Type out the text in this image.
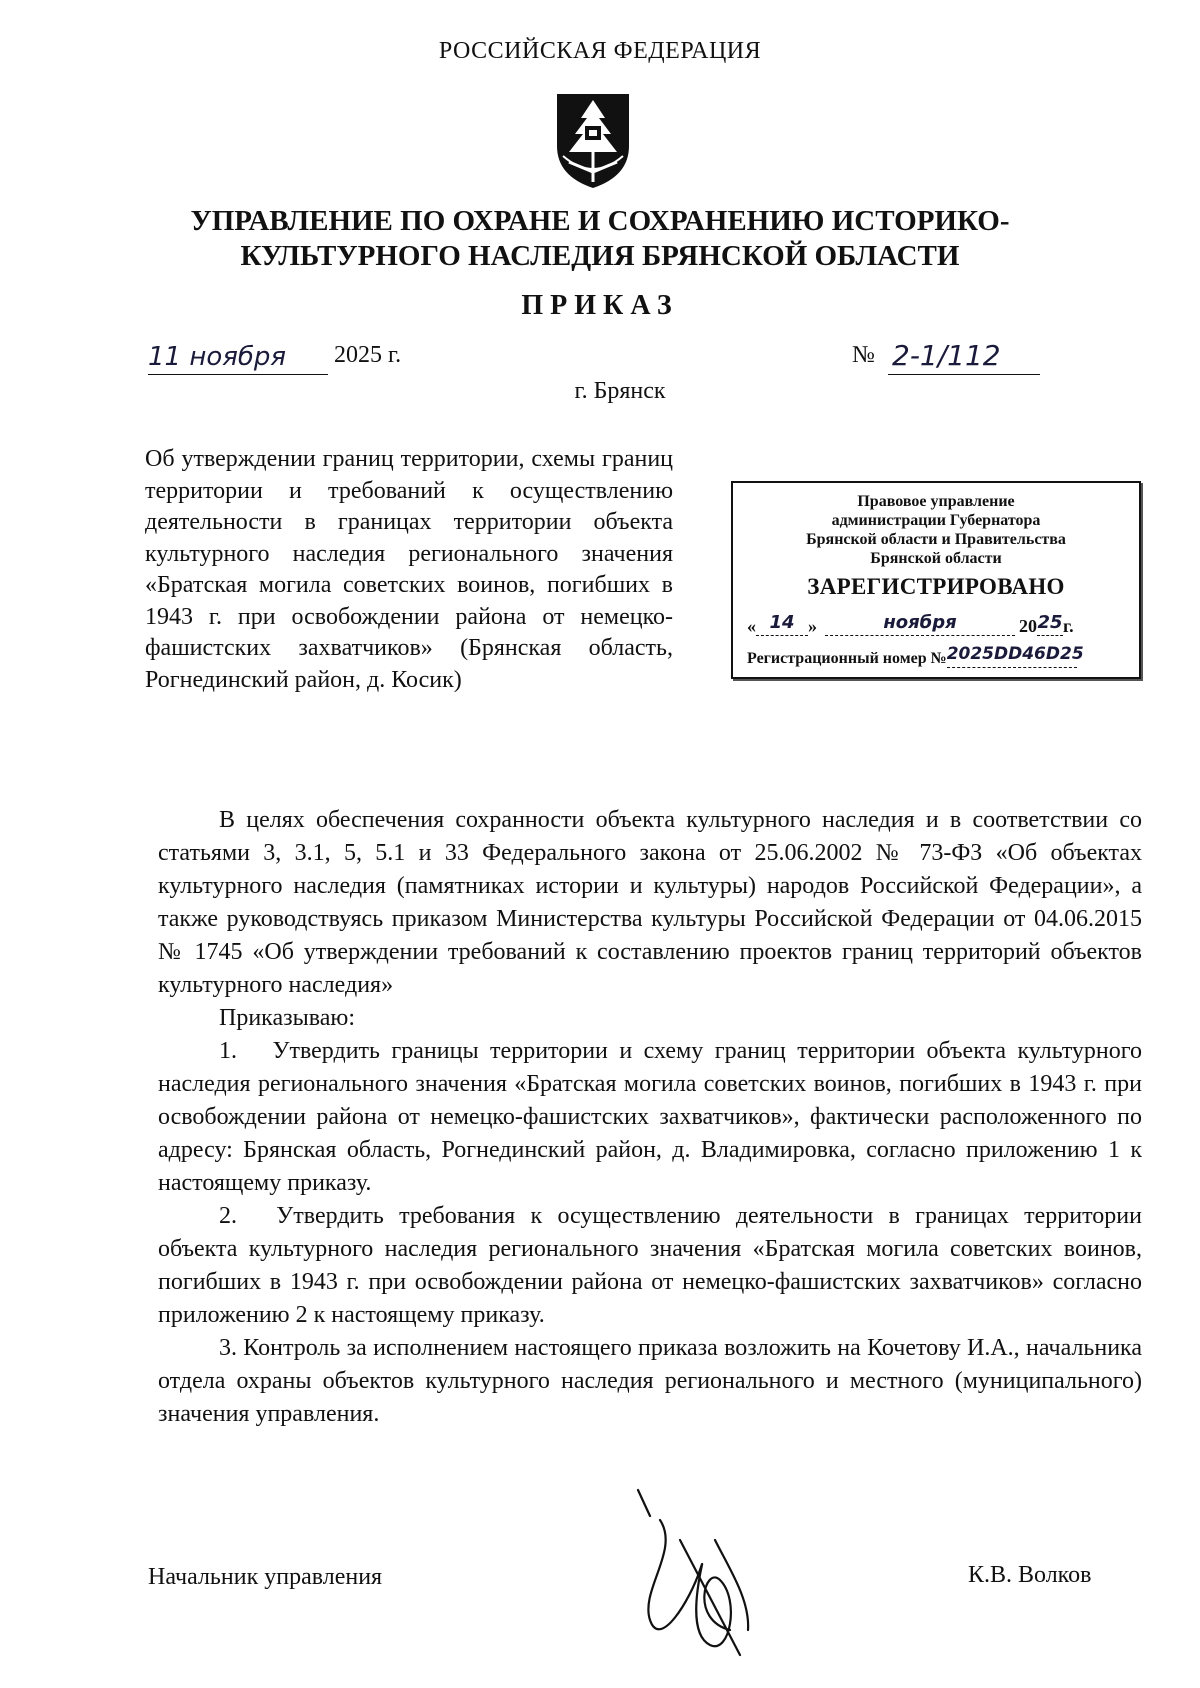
РОССИЙСКАЯ ФЕДЕРАЦИЯ
УПРАВЛЕНИЕ ПО ОХРАНЕ И СОХРАНЕНИЮ ИСТОРИКО-
КУЛЬТУРНОГО НАСЛЕДИЯ БРЯНСКОЙ ОБЛАСТИ
ПРИКАЗ
11 ноября 2025 г.	№ 2-1/112
г. Брянск
Об утверждении границ территории, схемы границ территории и требований к осуществлению деятельности в границах территории объекта культурного наследия регионального значения «Братская могила советских воинов, погибших в 1943 г. при освобождении района от немецко-фашистских захватчиков» (Брянская область, Рогнединский район, д. Косик)
Правовое управление
администрации Губернатора
Брянской области и Правительства
Брянской области
ЗАРЕГИСТРИРОВАНО
« 14 »	ноября	20 25 г.
Регистрационный номер № 2025DD46D25

В целях обеспечения сохранности объекта культурного наследия и в соответствии со статьями 3, 3.1, 5, 5.1 и 33 Федерального закона от 25.06.2002 № 73-ФЗ «Об объектах культурного наследия (памятниках истории и культуры) народов Российской Федерации», а также руководствуясь приказом Министерства культуры Российской Федерации от 04.06.2015 № 1745 «Об утверждении требований к составлению проектов границ территорий объектов культурного наследия»

Приказываю:

1.  Утвердить границы территории и схему границ территории объекта культурного наследия регионального значения «Братская могила советских воинов, погибших в 1943 г. при освобождении района от немецко-фашистских захватчиков», фактически расположенного по адресу: Брянская область, Рогнединский район, д. Владимировка, согласно приложению 1 к настоящему приказу.

2.  Утвердить требования к осуществлению деятельности в границах территории объекта культурного наследия регионального значения «Братская могила советских воинов, погибших в 1943 г. при освобождении района от немецко-фашистских захватчиков» согласно приложению 2 к настоящему приказу.

3. Контроль за исполнением настоящего приказа возложить на Кочетову И.А., начальника отдела охраны объектов культурного наследия регионального и местного (муниципального) значения управления.

Начальник управления	К.В. Волков
